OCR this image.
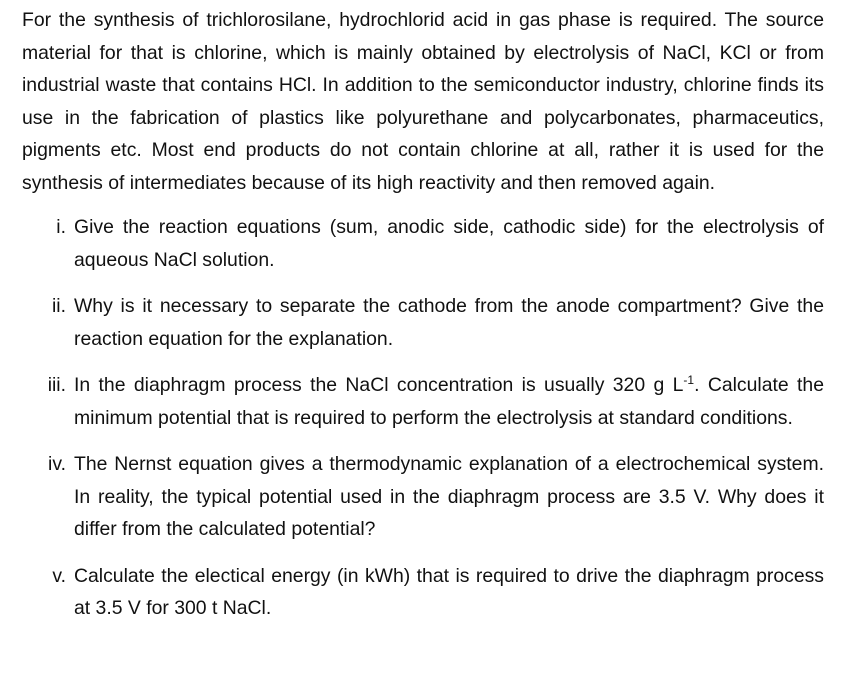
For the synthesis of trichlorosilane, hydrochlorid acid in gas phase is required. The source material for that is chlorine, which is mainly obtained by electrolysis of NaCl, KCl or from industrial waste that contains HCl. In addition to the semiconductor industry, chlorine finds its use in the fabrication of plastics like polyurethane and polycarbonates, pharmaceutics, pigments etc. Most end products do not contain chlorine at all, rather it is used for the synthesis of intermediates because of its high reactivity and then removed again.

i. Give the reaction equations (sum, anodic side, cathodic side) for the electrolysis of aqueous NaCl solution.
ii. Why is it necessary to separate the cathode from the anode compartment? Give the reaction equation for the explanation.
iii. In the diaphragm process the NaCl concentration is usually 320 g $L^{-1}$. Calculate the minimum potential that is required to perform the electrolysis at standard conditions.
iv. The Nernst equation gives a thermodynamic explanation of a electrochemical system. In reality, the typical potential used in the diaphragm process are 3.5 V. Why does it differ from the calculated potential?
v. Calculate the electical energy (in kWh) that is required to drive the diaphragm process at 3.5 V for 300 t NaCl.
